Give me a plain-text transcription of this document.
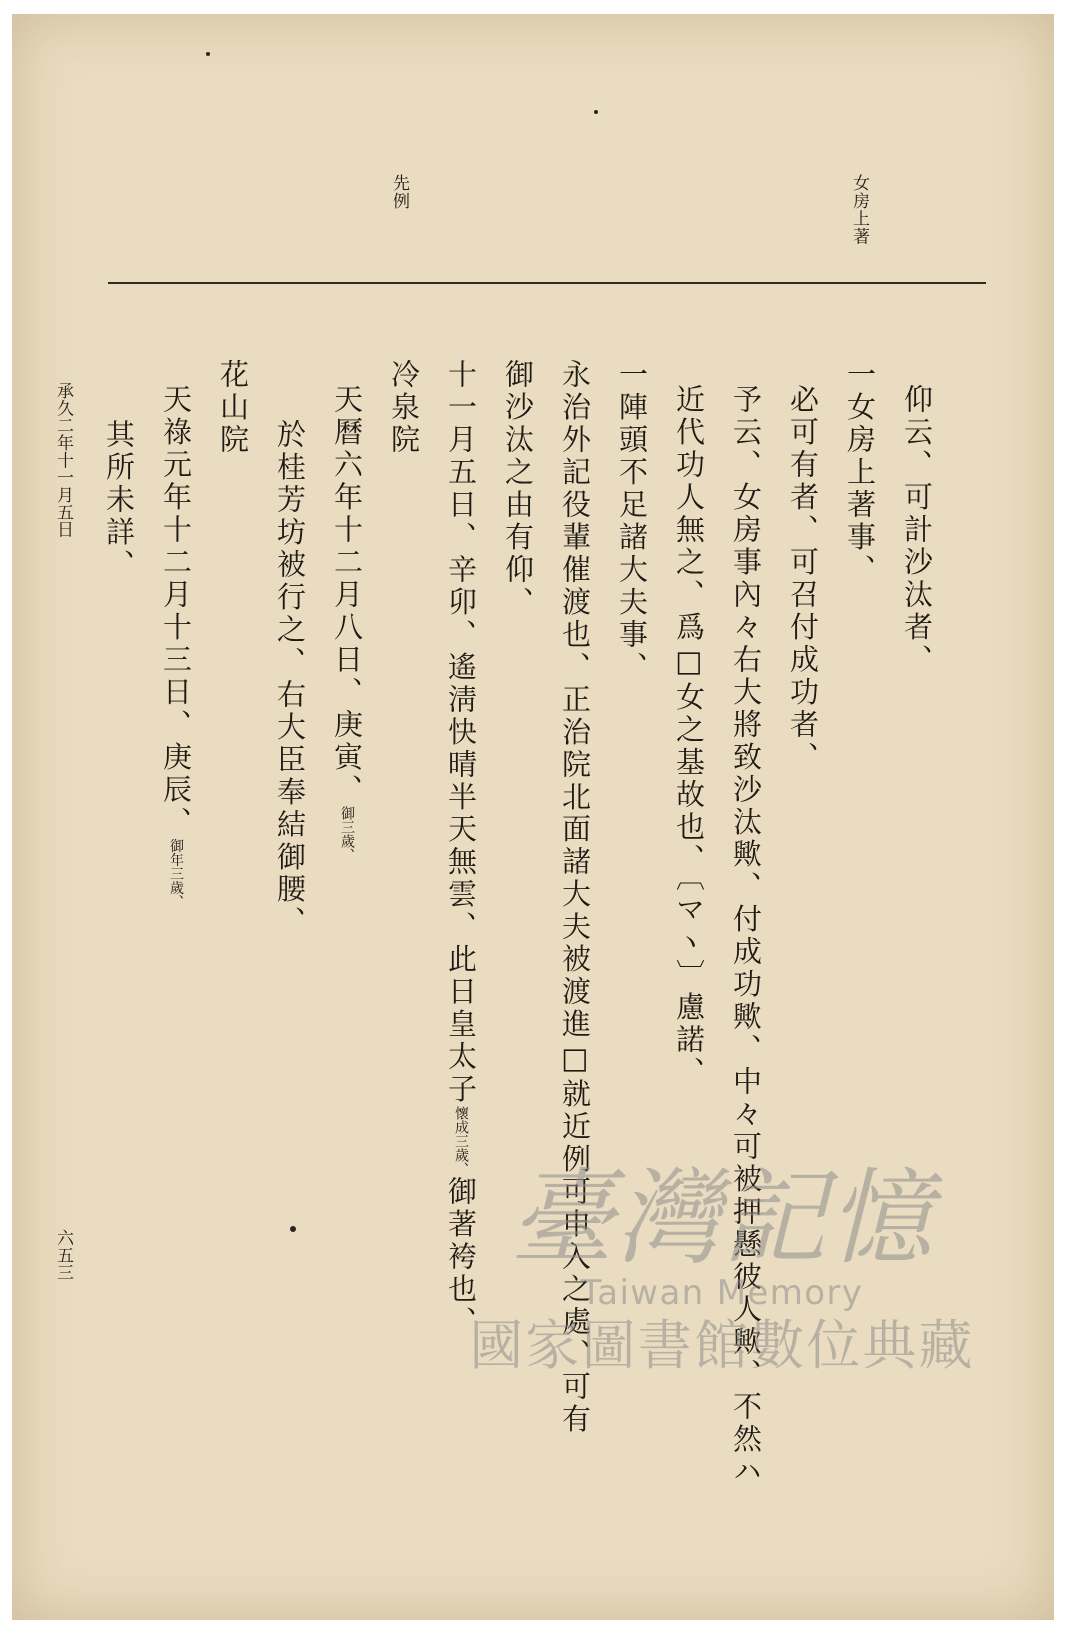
女房上著
先例
仰云、可計沙汰者、
一女房上著事、
必可有者、可召付成功者、
予云、女房事內々右大將致沙汰歟、付成功歟、中々可被押懸彼人歟、不然ハ
近代功人無之、爲□女之基故也、〔マヽ〕慮諾、
一陣頭不足諸大夫事、
永治外記役輩催渡也、正治院北面諸大夫被渡進□就近例可申入之處、可有
御沙汰之由有仰、
十一月五日、辛卯、遙淸快晴半天無雲、此日皇太子懷成三歲、御著袴也、
冷泉院
天曆六年十二月八日、庚寅、御三歲、
於桂芳坊被行之、右大臣奉結御腰、
花山院
天祿元年十二月十三日、庚辰、御年三歲、
其所未詳、
承久二年十一月五日
六五三	臺灣記憶
Taiwan Memory
國家圖書館數位典藏
